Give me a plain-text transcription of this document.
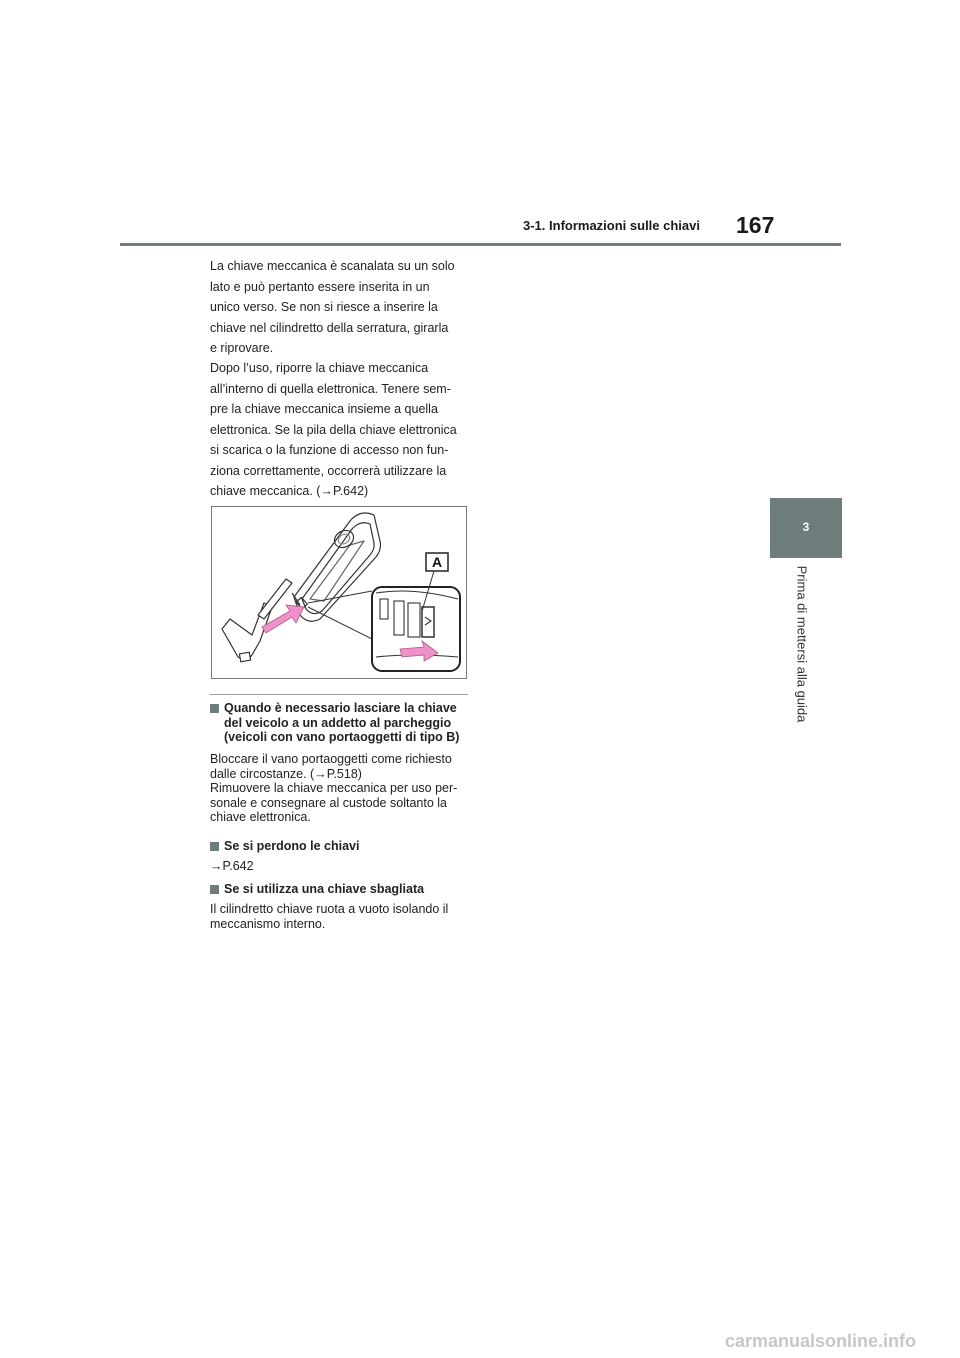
3-1. Informazioni sulle chiavi 167
3
Prima di mettersi alla guida
La chiave meccanica è scanalata su un solo
lato e può pertanto essere inserita in un
unico verso. Se non si riesce a inserire la
chiave nel cilindretto della serratura, girarla
e riprovare.
Dopo l’uso, riporre la chiave meccanica
all’interno di quella elettronica. Tenere sem-
pre la chiave meccanica insieme a quella
elettronica. Se la pila della chiave elettronica
si scarica o la funzione di accesso non fun-
ziona correttamente, occorrerà utilizzare la
chiave meccanica. (→P.642)
A
Quando è necessario lasciare la chiave
del veicolo a un addetto al parcheggio
(veicoli con vano portaoggetti di tipo B)
Bloccare il vano portaoggetti come richiesto
dalle circostanze. (→P.518)
Rimuovere la chiave meccanica per uso per-
sonale e consegnare al custode soltanto la
chiave elettronica.
Se si perdono le chiavi
→P.642
Se si utilizza una chiave sbagliata
Il cilindretto chiave ruota a vuoto isolando il
meccanismo interno.
carmanualsonline.info
